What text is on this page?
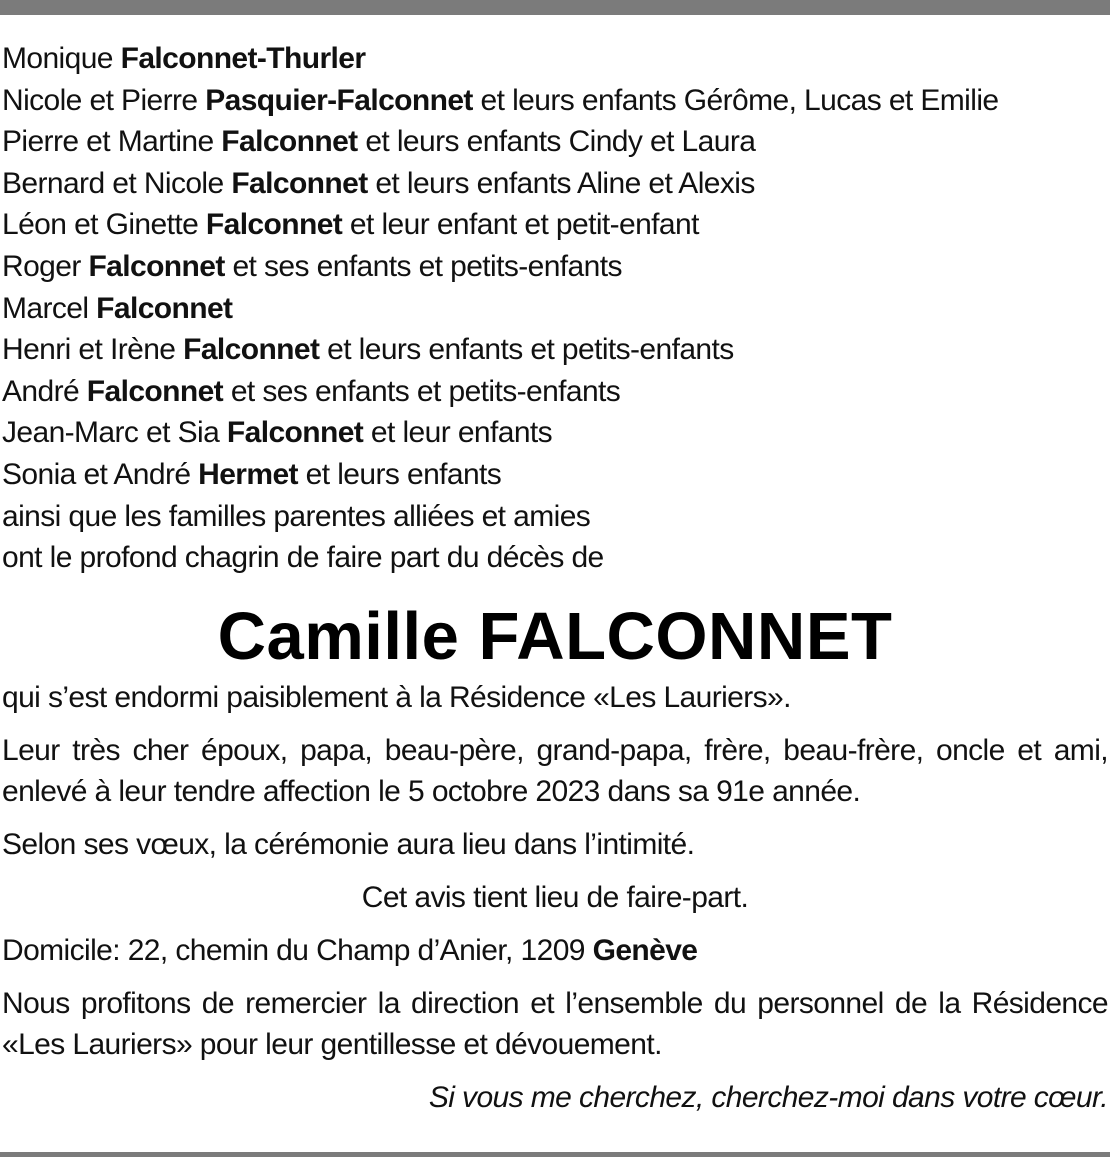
Monique Falconnet-Thurler
Nicole et Pierre Pasquier-Falconnet et leurs enfants Gérôme, Lucas et Emilie
Pierre et Martine Falconnet et leurs enfants Cindy et Laura
Bernard et Nicole Falconnet et leurs enfants Aline et Alexis
Léon et Ginette Falconnet et leur enfant et petit-enfant
Roger Falconnet et ses enfants et petits-enfants
Marcel Falconnet
Henri et Irène Falconnet et leurs enfants et petits-enfants
André Falconnet et ses enfants et petits-enfants
Jean-Marc et Sia Falconnet et leur enfants
Sonia et André Hermet et leurs enfants
ainsi que les familles parentes alliées et amies
ont le profond chagrin de faire part du décès de
Camille FALCONNET

qui s’est endormi paisiblement à la Résidence «Les Lauriers».

Leur très cher époux, papa, beau-père, grand-papa, frère, beau-frère, oncle et ami, enlevé à leur tendre affection le 5 octobre 2023 dans sa 91e année.

Selon ses vœux, la cérémonie aura lieu dans l’intimité.

Cet avis tient lieu de faire-part.

Domicile: 22, chemin du Champ d’Anier, 1209 Genève

Nous profitons de remercier la direction et l’ensemble du personnel de la Résidence «Les Lauriers» pour leur gentillesse et dévouement.

Si vous me cherchez, cherchez-moi dans votre cœur.
